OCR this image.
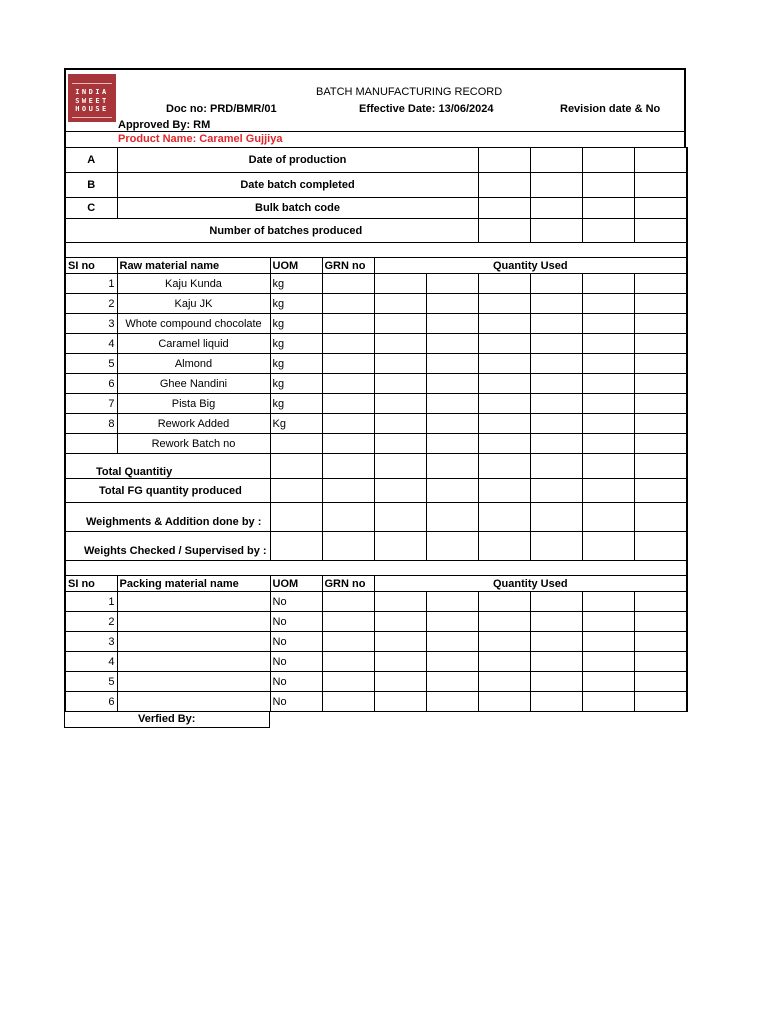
INDIA
SWEET
HOUSE
BATCH MANUFACTURING RECORD
Doc no: PRD/BMR/01	Effective Date: 13/06/2024	Revision date & No
Approved By: RM
Product Name: Caramel Gujjiya
A	Date of production								
B	Date batch completed								
C	Bulk batch code								
Number of batches produced									

SI no	Raw material name	UOM	GRN no	Quantity Used					
1	Kaju Kunda	kg							
2	Kaju JK	kg							
3	Whote compound chocolate	kg							
4	Caramel liquid	kg							
5	Almond	kg							
6	Ghee Nandini	kg							
7	Pista Big	kg							
8	Rework Added	Kg							
	Rework Batch no								
Total Quantitiy									
Total FG quantity produced									
Weighments & Addition done by :									
Weights Checked / Supervised by :									

SI no	Packing material name	UOM	GRN no	Quantity Used					
1		No							
2		No							
3		No							
4		No							
5		No							
6		No							
Verfied By:
